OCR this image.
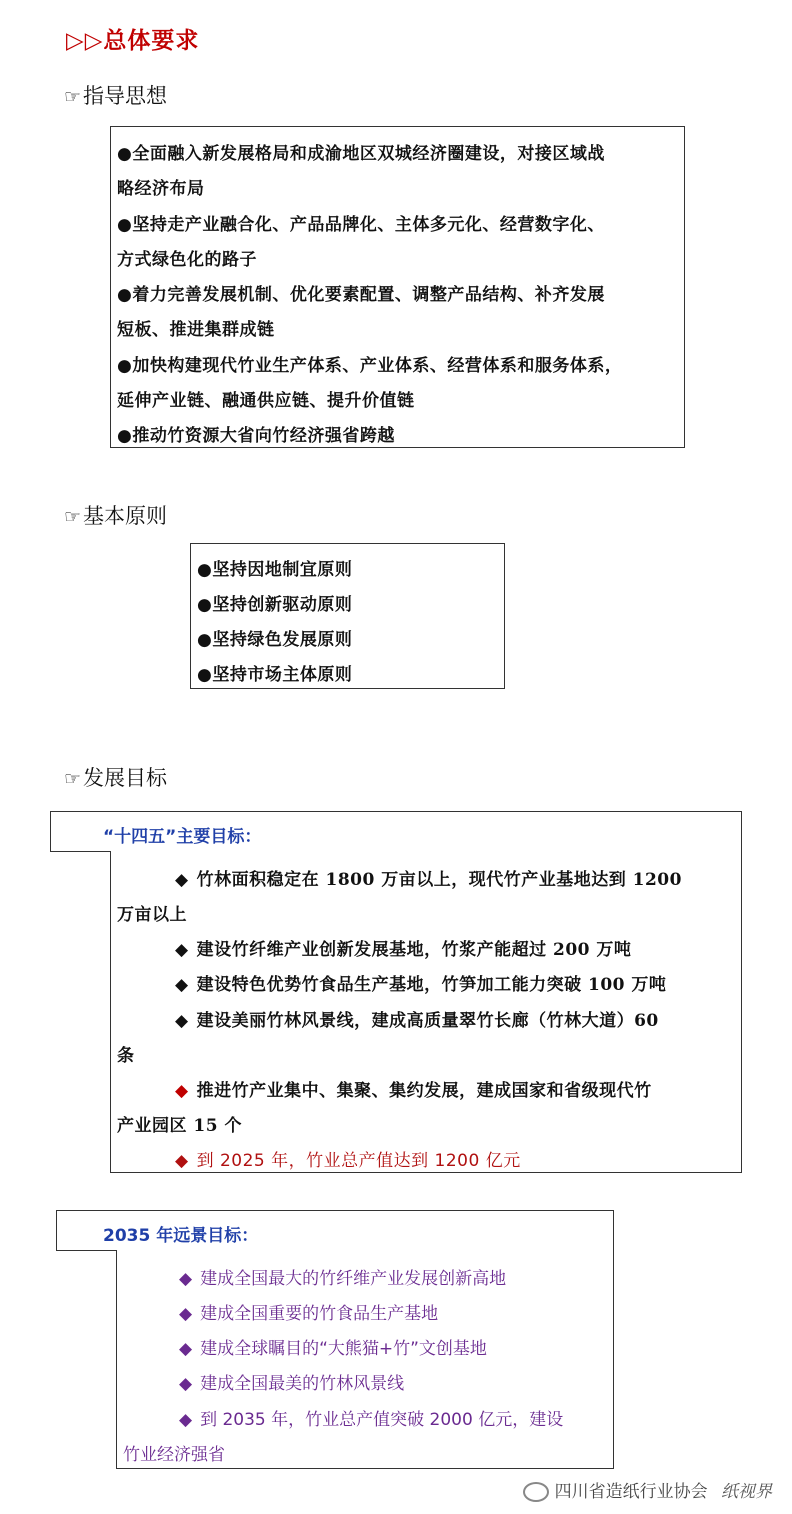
▷▷总体要求
☞指导思想
●全面融入新发展格局和成渝地区双城经济圈建设，对接区域战
略经济布局
●坚持走产业融合化、产品品牌化、主体多元化、经营数字化、
方式绿色化的路子
●着力完善发展机制、优化要素配置、调整产品结构、补齐发展
短板、推进集群成链
●加快构建现代竹业生产体系、产业体系、经营体系和服务体系，
延伸产业链、融通供应链、提升价值链
●推动竹资源大省向竹经济强省跨越
☞基本原则
●坚持因地制宜原则
●坚持创新驱动原则
●坚持绿色发展原则
●坚持市场主体原则
☞发展目标
“十四五”主要目标：
◆ 竹林面积稳定在 1800 万亩以上，现代竹产业基地达到 1200
万亩以上
◆ 建设竹纤维产业创新发展基地，竹浆产能超过 200 万吨
◆ 建设特色优势竹食品生产基地，竹笋加工能力突破 100 万吨
◆ 建设美丽竹林风景线，建成高质量翠竹长廊（竹林大道）60
条
◆ 推进竹产业集中、集聚、集约发展，建成国家和省级现代竹
产业园区 15 个
◆ 到 2025 年，竹业总产值达到 1200 亿元
2035 年远景目标：
◆ 建成全国最大的竹纤维产业发展创新高地
◆ 建成全国重要的竹食品生产基地
◆ 建成全球瞩目的“大熊猫+竹”文创基地
◆ 建成全国最美的竹林风景线
◆ 到 2035 年，竹业总产值突破 2000 亿元，建设
竹业经济强省
四川省造纸行业协会 纸视界
